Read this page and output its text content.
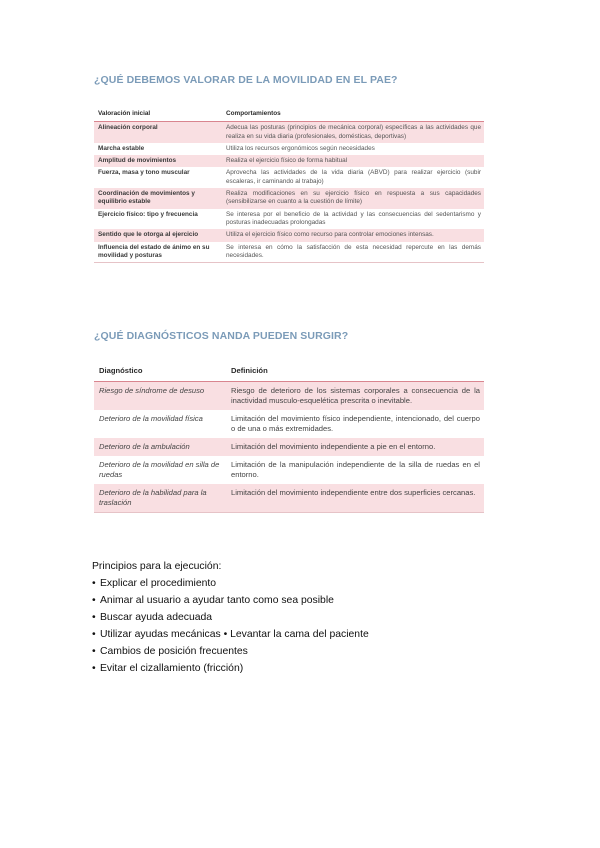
¿QUÉ DEBEMOS VALORAR DE LA MOVILIDAD EN EL PAE?
Valoración inicial	Comportamientos
Alineación corporal	Adecua las posturas (principios de mecánica corporal) específicas a las actividades que realiza en su vida diaria (profesionales, domésticas, deportivas)
Marcha estable	Utiliza los recursos ergonómicos según necesidades
Amplitud de movimientos	Realiza el ejercicio físico de forma habitual
Fuerza, masa y tono muscular	Aprovecha las actividades de la vida diaria (ABVD) para realizar ejercicio (subir escaleras, ir caminando al trabajo)
Coordinación de movimientos y equilibrio estable	Realiza modificaciones en su ejercicio físico en respuesta a sus capacidades (sensibilizarse en cuanto a la cuestión de límite)
Ejercicio físico: tipo y frecuencia	Se interesa por el beneficio de la actividad y las consecuencias del sedentarismo y posturas inadecuadas prolongadas
Sentido que le otorga al ejercicio	Utiliza el ejercicio físico como recurso para controlar emociones intensas.
Influencia del estado de ánimo en su movilidad y posturas	Se interesa en cómo la satisfacción de esta necesidad repercute en las demás necesidades.
¿QUÉ DIAGNÓSTICOS NANDA PUEDEN SURGIR?
Diagnóstico	Definición
Riesgo de síndrome de desuso	Riesgo de deterioro de los sistemas corporales a consecuencia de la inactividad musculo-esquelética prescrita o inevitable.
Deterioro de la movilidad física	Limitación del movimiento físico independiente, intencionado, del cuerpo o de una o más extremidades.
Deterioro de la ambulación	Limitación del movimiento independiente a pie en el entorno.
Deterioro de la movilidad en silla de ruedas	Limitación de la manipulación independiente de la silla de ruedas en el entorno.
Deterioro de la habilidad para la traslación	Limitación del movimiento independiente entre dos superficies cercanas.

Principios para la ejecución:

• Explicar el procedimiento
• Animar al usuario a ayudar tanto como sea posible
• Buscar ayuda adecuada
• Utilizar ayudas mecánicas • Levantar la cama del paciente
• Cambios de posición frecuentes
• Evitar el cizallamiento (fricción)
